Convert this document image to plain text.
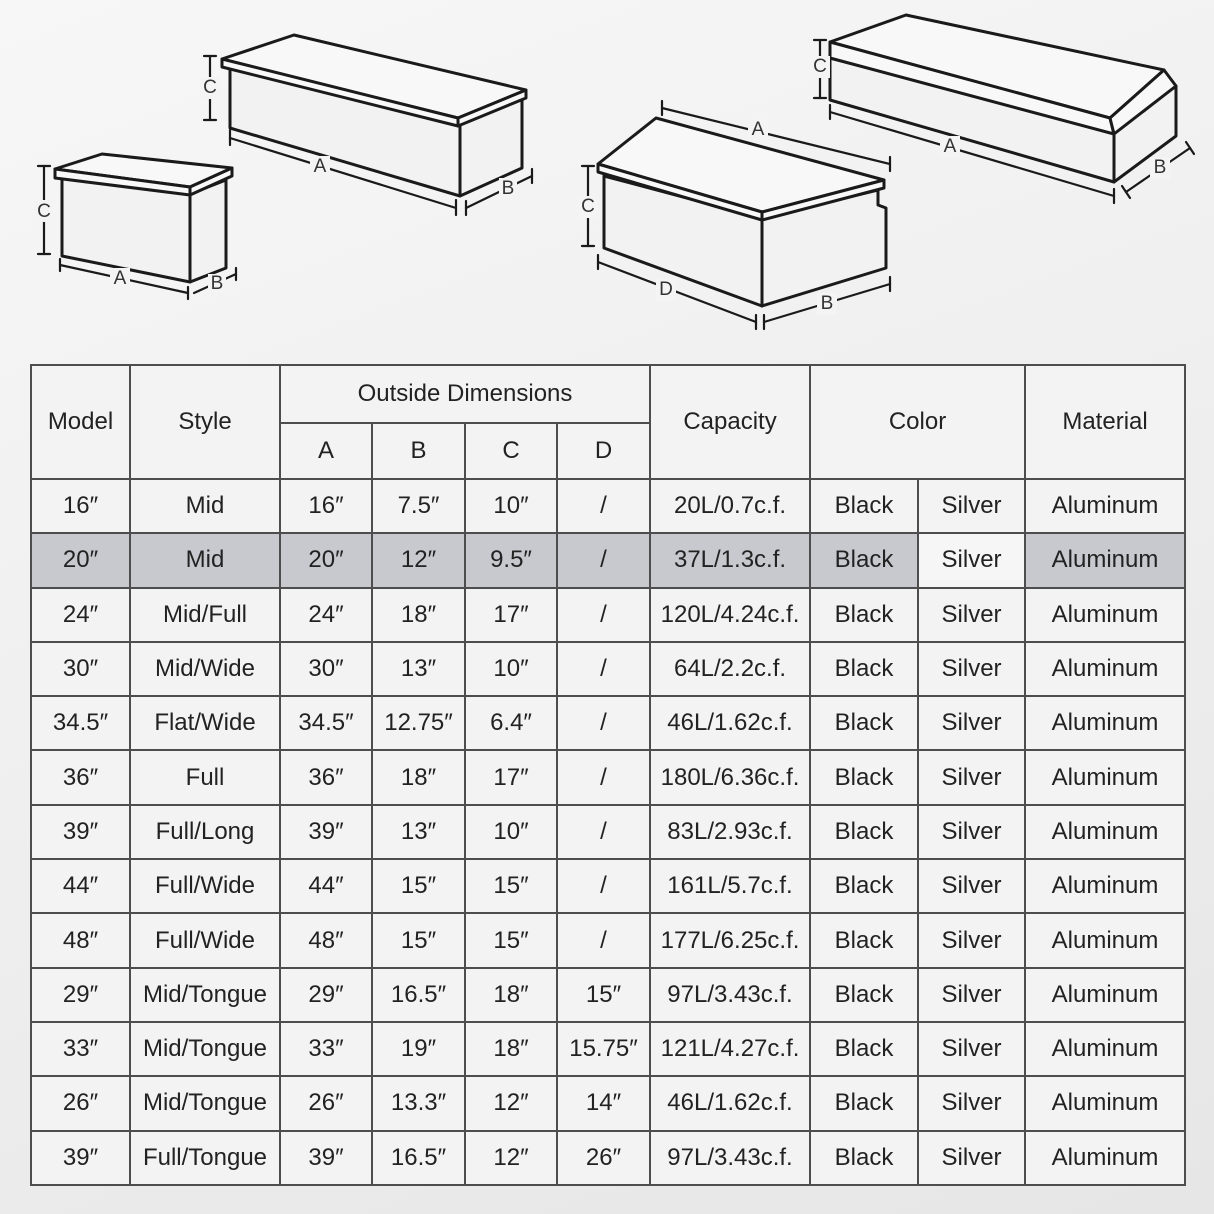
C
A	B
C
A
B
C
A
D
B
C
A
B
Model	Style	Outside Dimensions				Capacity	Color		Material
		A	B	C	D				
16″	Mid	16″	7.5″	10″	/	20L/0.7c.f.	Black	Silver	Aluminum
20″	Mid	20″	12″	9.5″	/	37L/1.3c.f.	Black	Silver	Aluminum
24″	Mid/Full	24″	18″	17″	/	120L/4.24c.f.	Black	Silver	Aluminum
30″	Mid/Wide	30″	13″	10″	/	64L/2.2c.f.	Black	Silver	Aluminum
34.5″	Flat/Wide	34.5″	12.75″	6.4″	/	46L/1.62c.f.	Black	Silver	Aluminum
36″	Full	36″	18″	17″	/	180L/6.36c.f.	Black	Silver	Aluminum
39″	Full/Long	39″	13″	10″	/	83L/2.93c.f.	Black	Silver	Aluminum
44″	Full/Wide	44″	15″	15″	/	161L/5.7c.f.	Black	Silver	Aluminum
48″	Full/Wide	48″	15″	15″	/	177L/6.25c.f.	Black	Silver	Aluminum
29″	Mid/Tongue	29″	16.5″	18″	15″	97L/3.43c.f.	Black	Silver	Aluminum
33″	Mid/Tongue	33″	19″	18″	15.75″	121L/4.27c.f.	Black	Silver	Aluminum
26″	Mid/Tongue	26″	13.3″	12″	14″	46L/1.62c.f.	Black	Silver	Aluminum
39″	Full/Tongue	39″	16.5″	12″	26″	97L/3.43c.f.	Black	Silver	Aluminum
